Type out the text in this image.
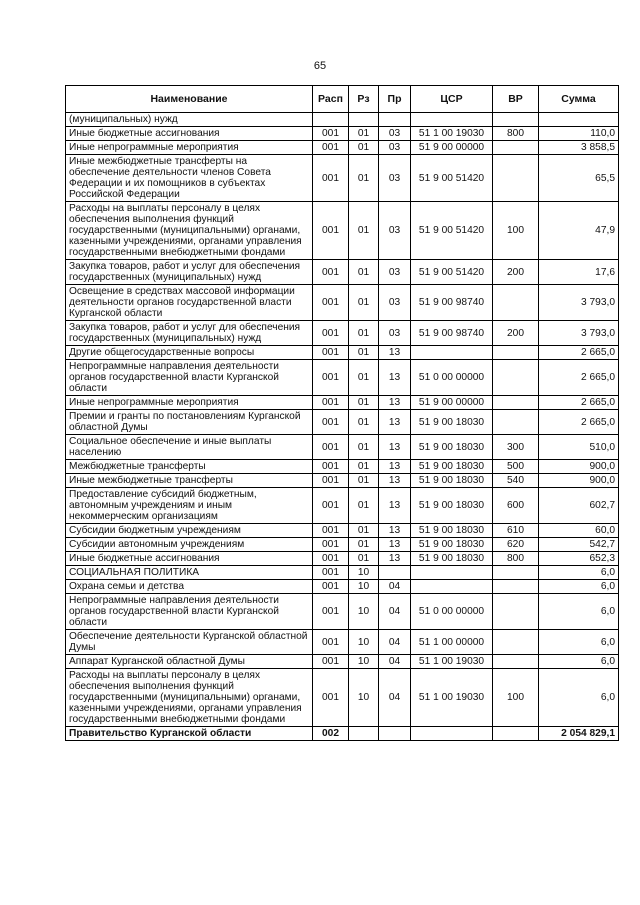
65
Наименование	Расп	Рз	Пр	ЦСР	ВР	Сумма
(муниципальных) нужд						
Иные бюджетные ассигнования	001	01	03	51 1 00 19030	800	110,0
Иные непрограммные мероприятия	001	01	03	51 9 00 00000		3 858,5
Иные межбюджетные трансферты на обеспечение деятельности членов Совета Федерации и их помощников в субъектах Российской Федерации	001	01	03	51 9 00 51420		65,5
Расходы на выплаты персоналу в целях обеспечения выполнения функций государственными (муниципальными) органами, казенными учреждениями, органами управления государственными внебюджетными фондами	001	01	03	51 9 00 51420	100	47,9
Закупка товаров, работ и услуг для обеспечения государственных (муниципальных) нужд	001	01	03	51 9 00 51420	200	17,6
Освещение в средствах массовой информации деятельности органов государственной власти Курганской области	001	01	03	51 9 00 98740		3 793,0
Закупка товаров, работ и услуг для обеспечения государственных (муниципальных) нужд	001	01	03	51 9 00 98740	200	3 793,0
Другие общегосударственные вопросы	001	01	13			2 665,0
Непрограммные направления деятельности органов государственной власти Курганской области	001	01	13	51 0 00 00000		2 665,0
Иные непрограммные мероприятия	001	01	13	51 9 00 00000		2 665,0
Премии и гранты по постановлениям Курганской областной Думы	001	01	13	51 9 00 18030		2 665,0
Социальное обеспечение и иные выплаты населению	001	01	13	51 9 00 18030	300	510,0
Межбюджетные трансферты	001	01	13	51 9 00 18030	500	900,0
Иные межбюджетные трансферты	001	01	13	51 9 00 18030	540	900,0
Предоставление субсидий бюджетным, автономным учреждениям и иным некоммерческим организациям	001	01	13	51 9 00 18030	600	602,7
Субсидии бюджетным учреждениям	001	01	13	51 9 00 18030	610	60,0
Субсидии автономным учреждениям	001	01	13	51 9 00 18030	620	542,7
Иные бюджетные ассигнования	001	01	13	51 9 00 18030	800	652,3
СОЦИАЛЬНАЯ ПОЛИТИКА	001	10				6,0
Охрана семьи и детства	001	10	04			6,0
Непрограммные направления деятельности органов государственной власти Курганской области	001	10	04	51 0 00 00000		6,0
Обеспечение деятельности Курганской областной Думы	001	10	04	51 1 00 00000		6,0
Аппарат Курганской областной Думы	001	10	04	51 1 00 19030		6,0
Расходы на выплаты персоналу в целях обеспечения выполнения функций государственными (муниципальными) органами, казенными учреждениями, органами управления государственными внебюджетными фондами	001	10	04	51 1 00 19030	100	6,0
Правительство Курганской области	002					2 054 829,1
